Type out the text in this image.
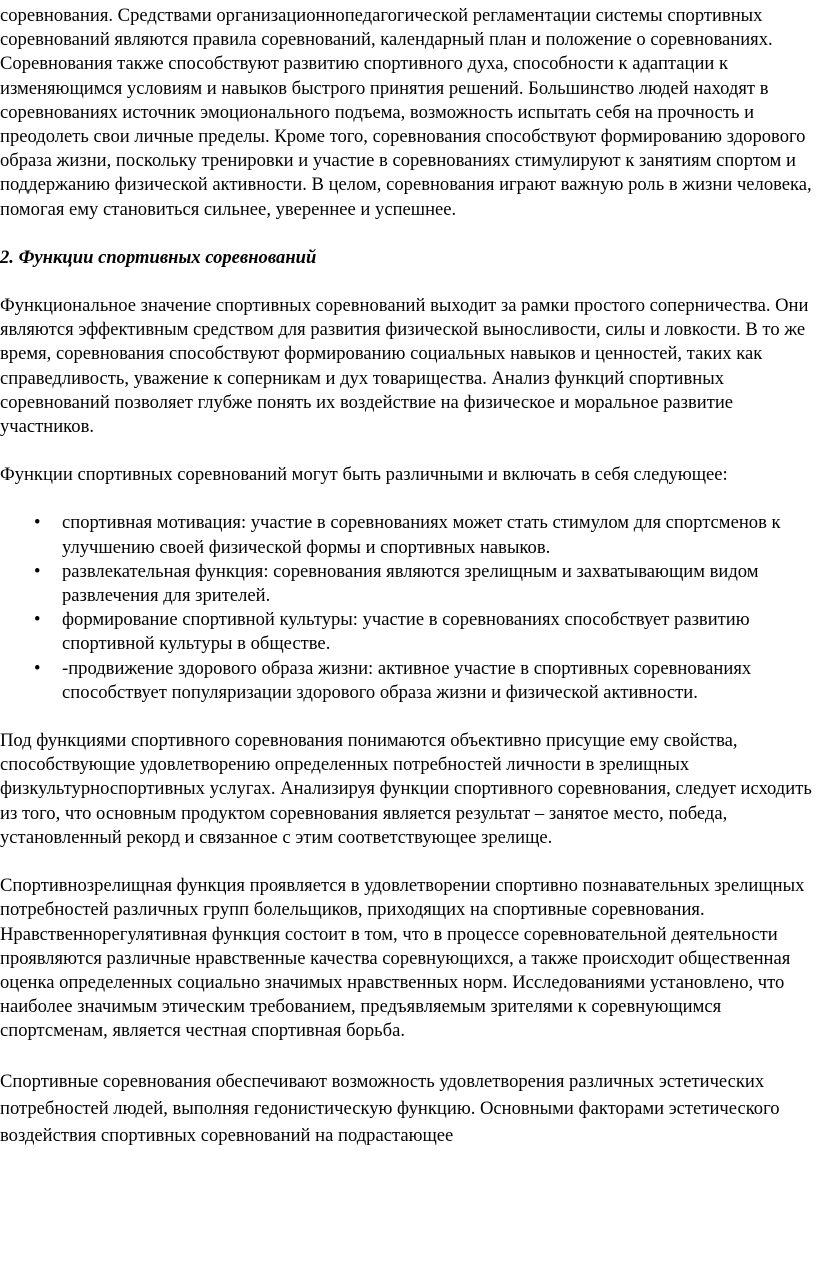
соревнования. Средствами организационнопедагогической регламентации системы спортивных соревнований являются правила соревнований, календарный план и положение о соревнованиях. Соревнования также способствуют развитию спортивного духа, способности к адаптации к изменяющимся условиям и навыков быстрого принятия решений. Большинство людей находят в соревнованиях источник эмоционального подъема, возможность испытать себя на прочность и преодолеть свои личные пределы. Кроме того, соревнования способствуют формированию здорового образа жизни, поскольку тренировки и участие в соревнованиях стимулируют к занятиям спортом и поддержанию физической активности. В целом, соревнования играют важную роль в жизни человека, помогая ему становиться сильнее, увереннее и успешнее.

2. Функции спортивных соревнований

Функциональное значение спортивных соревнований выходит за рамки простого соперничества. Они являются эффективным средством для развития физической выносливости, силы и ловкости. В то же время, соревнования способствуют формированию социальных навыков и ценностей, таких как справедливость, уважение к соперникам и дух товарищества. Анализ функций спортивных соревнований позволяет глубже понять их воздействие на физическое и моральное развитие участников.

Функции спортивных соревнований могут быть различными и включать в себя следующее:

• спортивная мотивация: участие в соревнованиях может стать стимулом для спортсменов к улучшению своей физической формы и спортивных навыков.
• развлекательная функция: соревнования являются зрелищным и захватывающим видом развлечения для зрителей.
• формирование спортивной культуры: участие в соревнованиях способствует развитию спортивной культуры в обществе.
• -продвижение здорового образа жизни: активное участие в спортивных соревнованиях способствует популяризации здорового образа жизни и физической активности.

Под функциями спортивного соревнования понимаются объективно присущие ему свойства, способствующие удовлетворению определенных потребностей личности в зрелищных физкультурноспортивных услугах. Анализируя функции спортивного соревнования, следует исходить из того, что основным продуктом соревнования является результат – занятое место, победа, установленный рекорд и связанное с этим соответствующее зрелище.

Спортивнозрелищная функция проявляется в удовлетворении спортивно познавательных зрелищных потребностей различных групп болельщиков, приходящих на спортивные соревнования. Нравственнорегулятивная функция состоит в том, что в процессе соревновательной деятельности проявляются различные нравственные качества соревнующихся, а также происходит общественная оценка определенных социально значимых нравственных норм. Исследованиями установлено, что наиболее значимым этическим требованием, предъявляемым зрителями к соревнующимся спортсменам, является честная спортивная борьба.

Спортивные соревнования обеспечивают возможность удовлетворения различных эстетических потребностей людей, выполняя гедонистическую функцию. Основными факторами эстетического воздействия спортивных соревнований на подрастающее
